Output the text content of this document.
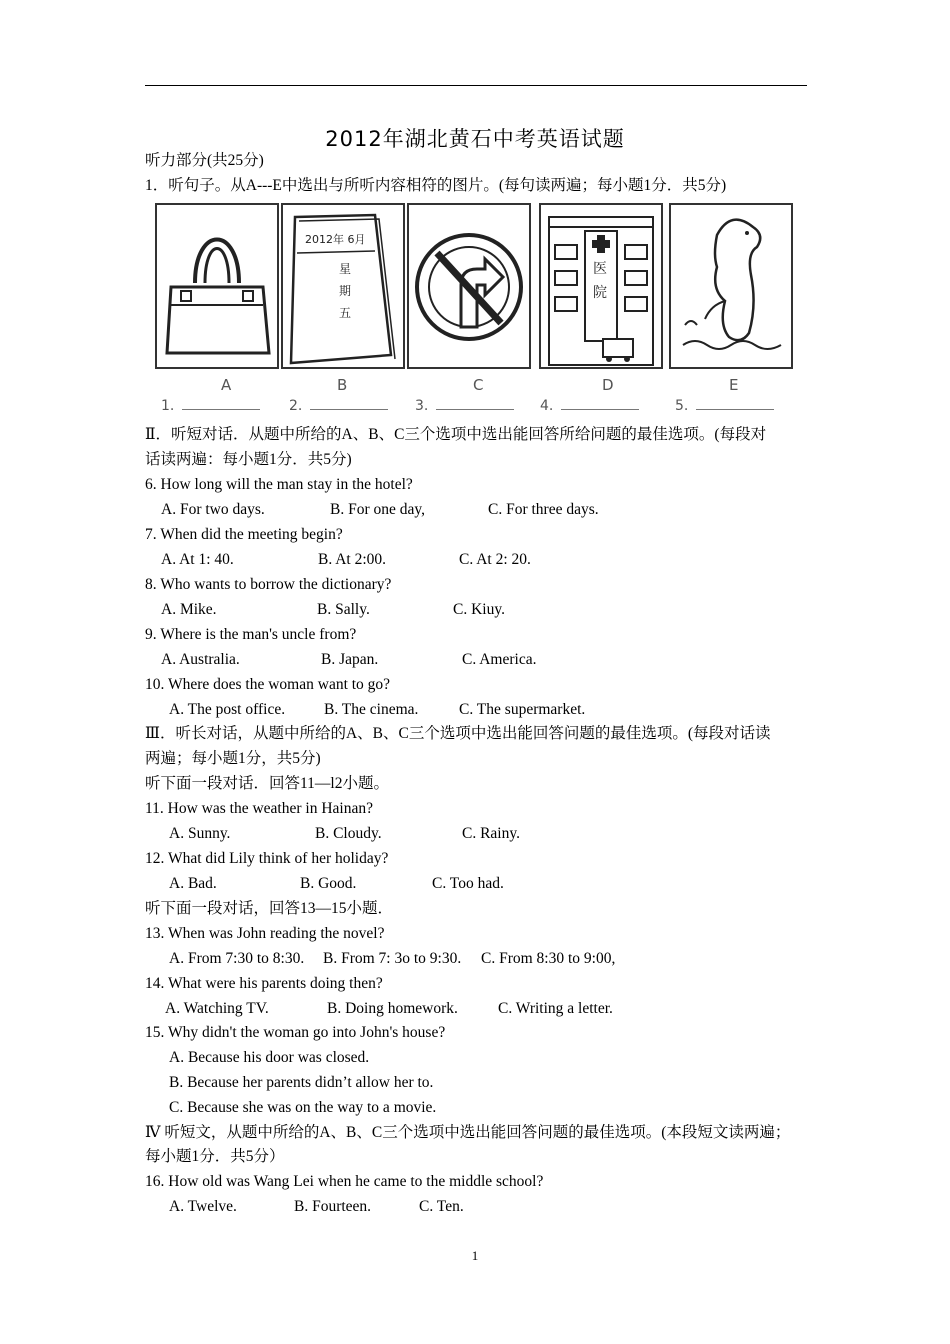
2012年湖北黄石中考英语试题
听力部分(共25分)
1．听句子。从A---E中选出与所听内容相符的图片。(每句读两遍；每小题1分．共5分)
2012年 6月
星
期
五
医
院
A	B	C	D	E
1.	2.	3.	4.	5.
Ⅱ．听短对话．从题中所给的A、B、C三个选项中选出能回答所给问题的最佳选项。(每段对
话读两遍：每小题1分．共5分)
6. How long will the man stay in the hotel?
A. For two days.	B. For one day,	C. For three days.
7. When did the meeting begin?
A. At 1: 40.	B. At 2:00.	C. At 2: 20.
8. Who wants to borrow the dictionary?
A. Mike.	B. Sally.	C. Kiuy.
9. Where is the man's uncle from?
A. Australia.	B. Japan.	C. America.
10. Where does the woman want to go?
A. The post office.	B. The cinema.	C. The supermarket.
Ⅲ．听长对话，从题中所给的A、B、C三个选项中选出能回答问题的最佳选项。(每段对话读
两遍；每小题1分，共5分)
听下面一段对话．回答11—l2小题。
11. How was the weather in Hainan?
A. Sunny.	B. Cloudy.	C. Rainy.
12. What did Lily think of her holiday?
A. Bad.	B. Good.	C. Too had.
听下面一段对话，回答13—15小题．
13. When was John reading the novel?
A. From 7:30 to 8:30. B. From 7: 3o to 9:30. C. From 8:30 to 9:00,
14. What were his parents doing then?
A. Watching TV.	B. Doing homework.	C. Writing a letter.
15. Why didn't the woman go into John's house?
A. Because his door was closed.
B. Because her parents didn’t allow her to.
C. Because she was on the way to a movie.
Ⅳ 听短文，从题中所给的A、B、C三个选项中选出能回答问题的最佳选项。(本段短文读两遍；
每小题1分．共5分）
16. How old was Wang Lei when he came to the middle school?
A. Twelve.	B. Fourteen.	C. Ten.
1
